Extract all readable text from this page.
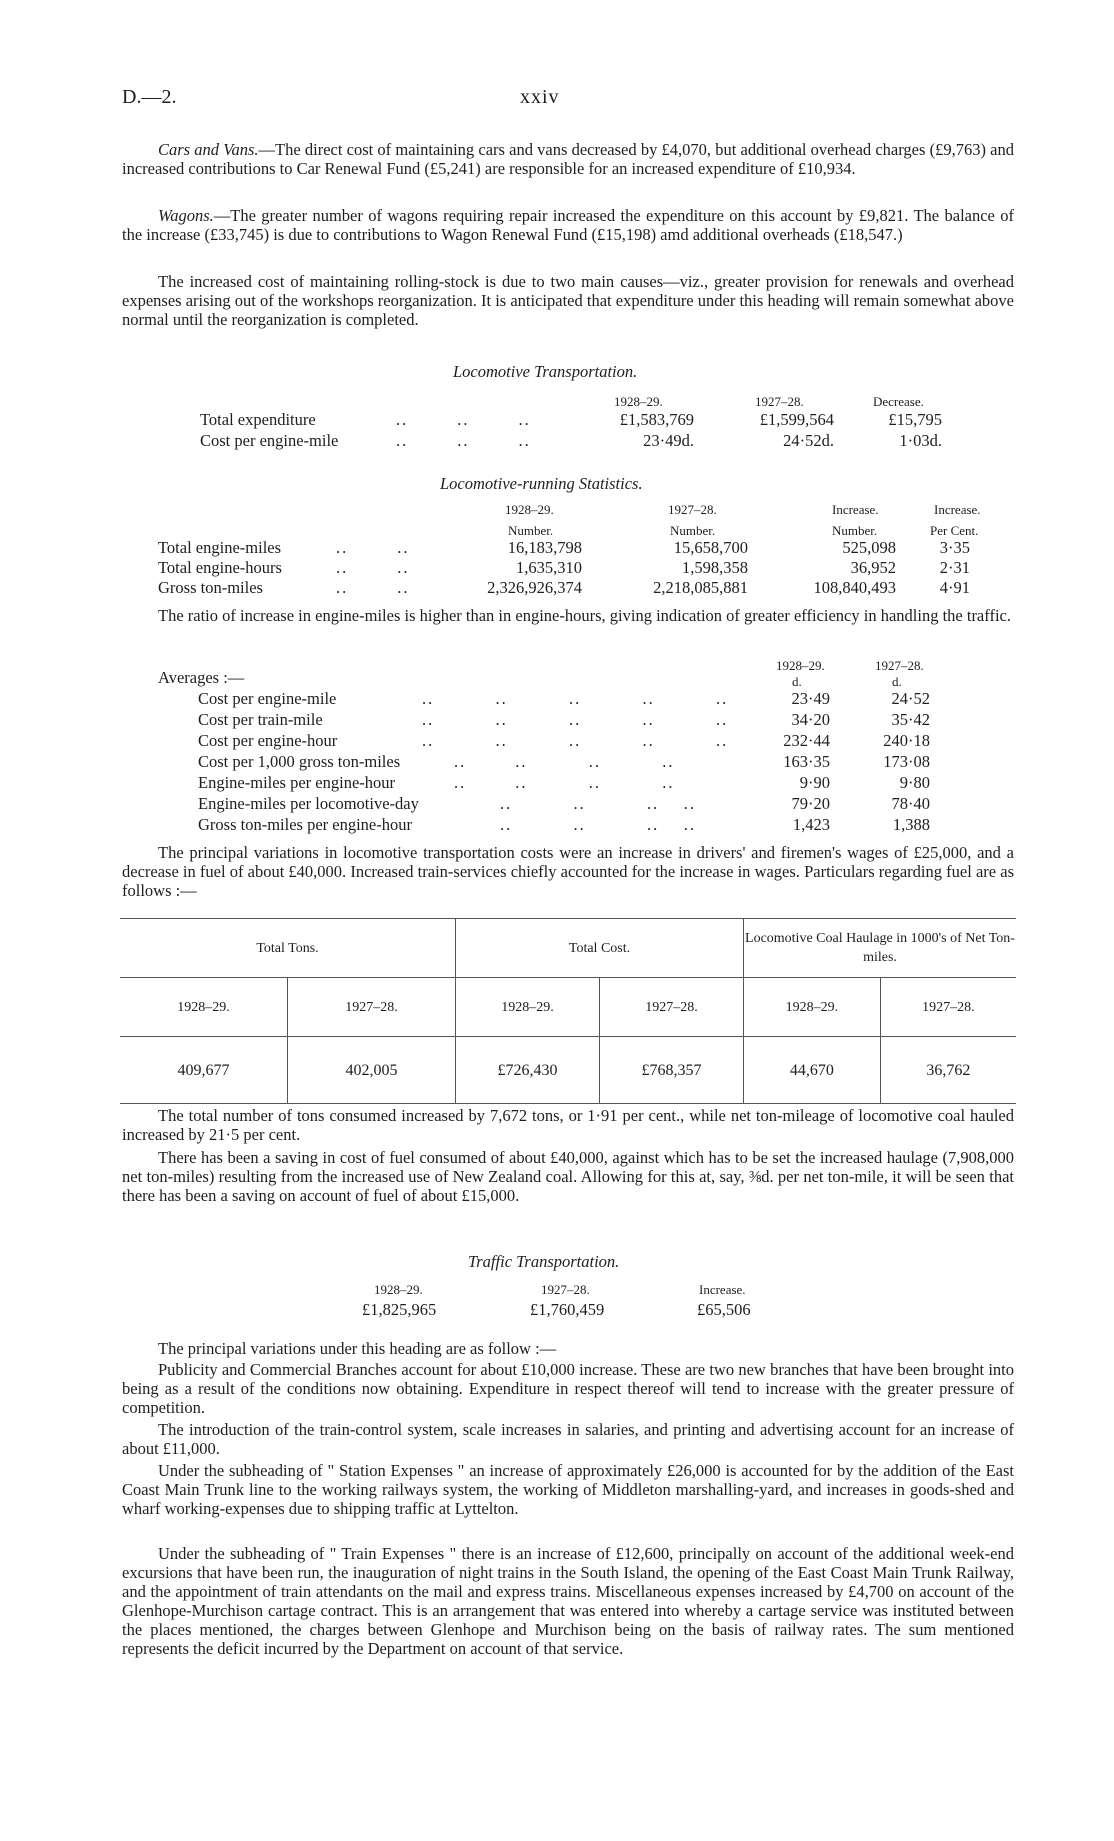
D.—2.	xxiv
Cars and Vans.—The direct cost of maintaining cars and vans decreased by £4,070, but additional overhead charges (£9,763) and increased contributions to Car Renewal Fund (£5,241) are responsible for an increased expenditure of £10,934.
Wagons.—The greater number of wagons requiring repair increased the expenditure on this account by £9,821. The balance of the increase (£33,745) is due to contributions to Wagon Renewal Fund (£15,198) amd additional overheads (£18,547.)
The increased cost of maintaining rolling-stock is due to two main causes—viz., greater provision for renewals and overhead expenses arising out of the workshops reorganization. It is anticipated that expenditure under this heading will remain somewhat above normal until the reorganization is completed.
Locomotive Transportation.
1928–29.	1927–28.	Decrease.
Total expenditure	..        ..        ..	£1,583,769	£1,599,564	£15,795
Cost per engine-mile	..        ..        ..	23·49d.	24·52d.	1·03d.
Locomotive-running Statistics.
1928–29.	1927–28.	Increase.	Increase.
Number.	Number.	Number.	Per Cent.
Total engine-miles	..        ..	16,183,798	15,658,700	525,098	3·35
Total engine-hours	..        ..	1,635,310	1,598,358	36,952	2·31
Gross ton-miles	..        ..	2,326,926,374	2,218,085,881	108,840,493	4·91
The ratio of increase in engine-miles is higher than in engine-hours, giving indication of greater efficiency in handling the traffic.
1928–29.	1927–28.
Averages :—	d.	d.
Cost per engine-mile	..          ..          ..          ..          ..	23·49	24·52
Cost per train-mile	..          ..          ..          ..          ..	34·20	35·42
Cost per engine-hour	..          ..          ..          ..          ..	232·44	240·18
Cost per 1,000 gross ton-miles	..        ..          ..          ..	163·35	173·08
Engine-miles per engine-hour	..        ..          ..          ..	9·90	9·80
Engine-miles per locomotive-day	..          ..          ..    ..	79·20	78·40
Gross ton-miles per engine-hour	..          ..          ..    ..	1,423	1,388
The principal variations in locomotive transportation costs were an increase in drivers' and firemen's wages of £25,000, and a decrease in fuel of about £40,000. Increased train-services chiefly accounted for the increase in wages. Particulars regarding fuel are as follows :—
Total Tons.		Total Cost.		Locomotive Coal Haulage in 1000's of Net Ton-miles.	
1928–29.	1927–28.	1928–29.	1927–28.	1928–29.	1927–28.
409,677	402,005	£726,430	£768,357	44,670	36,762
The total number of tons consumed increased by 7,672 tons, or 1·91 per cent., while net ton-mileage of locomotive coal hauled increased by 21·5 per cent.
There has been a saving in cost of fuel consumed of about £40,000, against which has to be set the increased haulage (7,908,000 net ton-miles) resulting from the increased use of New Zealand coal. Allowing for this at, say, ⅜d. per net ton-mile, it will be seen that there has been a saving on account of fuel of about £15,000.
Traffic Transportation.
1928–29.	1927–28.	Increase.
£1,825,965	£1,760,459	£65,506
The principal variations under this heading are as follow :—
Publicity and Commercial Branches account for about £10,000 increase. These are two new branches that have been brought into being as a result of the conditions now obtaining. Expenditure in respect thereof will tend to increase with the greater pressure of competition.
The introduction of the train-control system, scale increases in salaries, and printing and advertising account for an increase of about £11,000.
Under the subheading of " Station Expenses " an increase of approximately £26,000 is accounted for by the addition of the East Coast Main Trunk line to the working railways system, the working of Middleton marshalling-yard, and increases in goods-shed and wharf working-expenses due to shipping traffic at Lyttelton.
Under the subheading of " Train Expenses " there is an increase of £12,600, principally on account of the additional week-end excursions that have been run, the inauguration of night trains in the South Island, the opening of the East Coast Main Trunk Railway, and the appointment of train attendants on the mail and express trains. Miscellaneous expenses increased by £4,700 on account of the Glenhope-Murchison cartage contract. This is an arrangement that was entered into whereby a cartage service was instituted between the places mentioned, the charges between Glenhope and Murchison being on the basis of railway rates. The sum mentioned represents the deficit incurred by the Department on account of that service.
